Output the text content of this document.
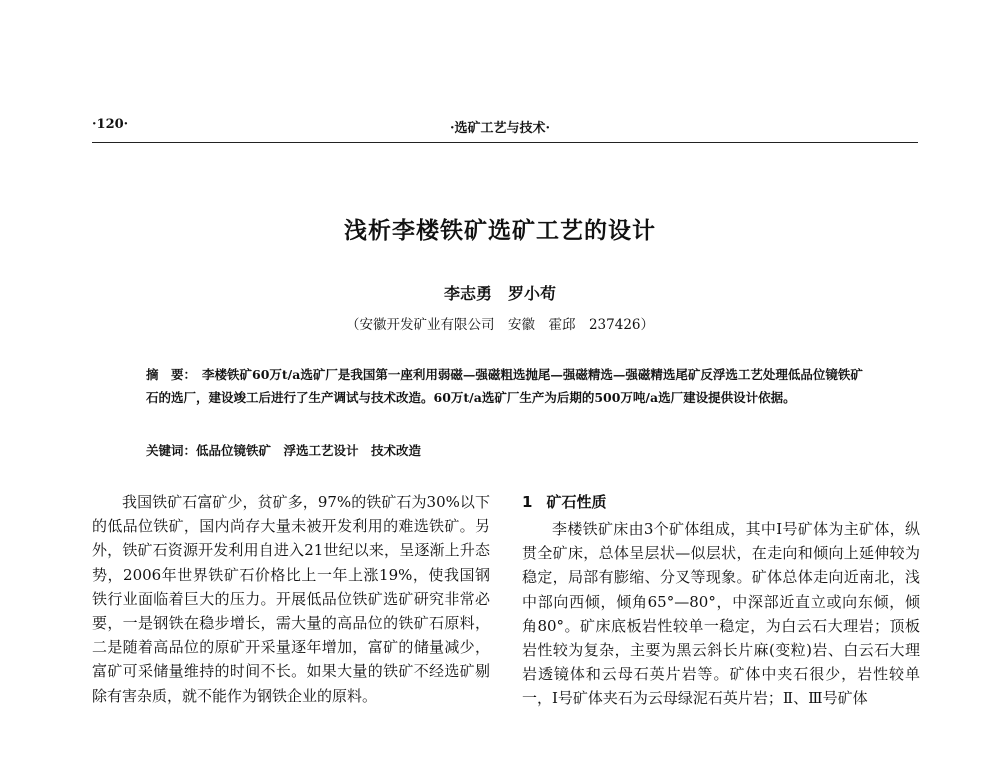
·120·	·选矿工艺与技术·
浅析李楼铁矿选矿工艺的设计
李志勇　罗小苟
（安徽开发矿业有限公司　安徽　霍邱　237426）
摘　要： 李楼铁矿60万t/a选矿厂是我国第一座利用弱磁—强磁粗选抛尾—强磁精选—强磁精选尾矿反浮选工艺处理低品位镜铁矿石的选厂，建设竣工后进行了生产调试与技术改造。60万t/a选矿厂生产为后期的500万吨/a选厂建设提供设计依据。
关键词：低品位镜铁矿　浮选工艺设计　技术改造

我国铁矿石富矿少，贫矿多，97%的铁矿石为30%以下的低品位铁矿，国内尚存大量未被开发利用的难选铁矿。另外，铁矿石资源开发利用自进入21世纪以来，呈逐渐上升态势，2006年世界铁矿石价格比上一年上涨19%，使我国钢铁行业面临着巨大的压力。开展低品位铁矿选矿研究非常必要，一是钢铁在稳步增长，需大量的高品位的铁矿石原料，二是随着高品位的原矿开采量逐年增加，富矿的储量减少，富矿可采储量维持的时间不长。如果大量的铁矿不经选矿剔除有害杂质，就不能作为钢铁企业的原料。

1 矿石性质

李楼铁矿床由3个矿体组成，其中Ⅰ号矿体为主矿体，纵贯全矿床，总体呈层状—似层状，在走向和倾向上延伸较为稳定，局部有膨缩、分叉等现象。矿体总体走向近南北，浅中部向西倾，倾角65°—80°，中深部近直立或向东倾，倾角80°。矿床底板岩性较单一稳定，为白云石大理岩；顶板岩性较为复杂，主要为黑云斜长片麻(变粒)岩、白云石大理岩透镜体和云母石英片岩等。矿体中夹石很少，岩性较单一，Ⅰ号矿体夹石为云母绿泥石英片岩；Ⅱ、Ⅲ号矿体
